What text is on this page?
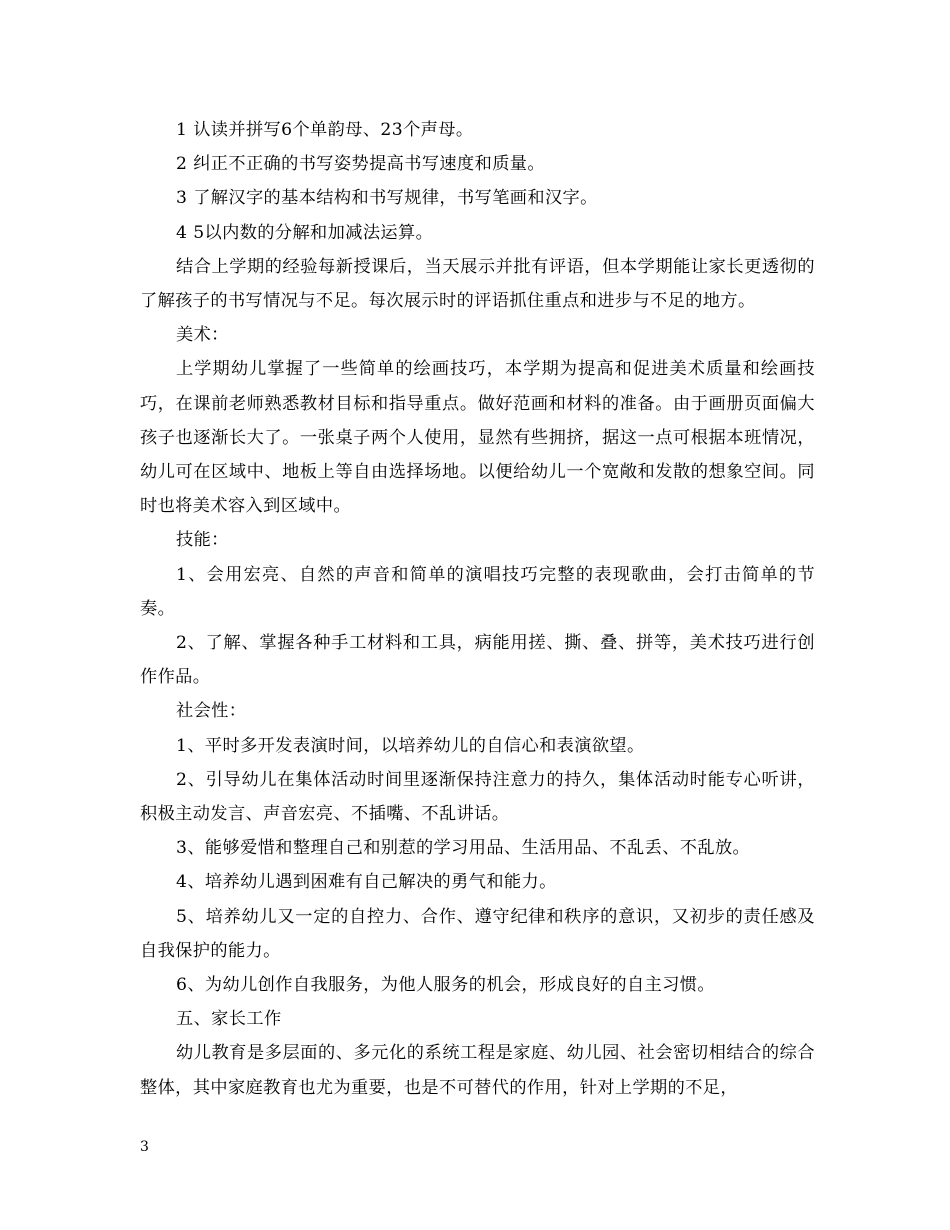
1 认读并拼写6个单韵母、23个声母。

2 纠正不正确的书写姿势提高书写速度和质量。

3 了解汉字的基本结构和书写规律，书写笔画和汉字。

4 5以内数的分解和加减法运算。

结合上学期的经验每新授课后，当天展示并批有评语，但本学期能让家长更透彻的了解孩子的书写情况与不足。每次展示时的评语抓住重点和进步与不足的地方。

美术：

上学期幼儿掌握了一些简单的绘画技巧，本学期为提高和促进美术质量和绘画技巧，在课前老师熟悉教材目标和指导重点。做好范画和材料的准备。由于画册页面偏大孩子也逐渐长大了。一张桌子两个人使用，显然有些拥挤，据这一点可根据本班情况，幼儿可在区域中、地板上等自由选择场地。以便给幼儿一个宽敞和发散的想象空间。同时也将美术容入到区域中。

技能：

1、会用宏亮、自然的声音和简单的演唱技巧完整的表现歌曲，会打击简单的节奏。

2、了解、掌握各种手工材料和工具，病能用搓、撕、叠、拼等，美术技巧进行创作作品。

社会性：

1、平时多开发表演时间，以培养幼儿的自信心和表演欲望。

2、引导幼儿在集体活动时间里逐渐保持注意力的持久，集体活动时能专心听讲，积极主动发言、声音宏亮、不插嘴、不乱讲话。

3、能够爱惜和整理自己和别惹的学习用品、生活用品、不乱丢、不乱放。

4、培养幼儿遇到困难有自己解决的勇气和能力。

5、培养幼儿又一定的自控力、合作、遵守纪律和秩序的意识，又初步的责任感及自我保护的能力。

6、为幼儿创作自我服务，为他人服务的机会，形成良好的自主习惯。

五、家长工作

幼儿教育是多层面的、多元化的系统工程是家庭、幼儿园、社会密切相结合的综合整体，其中家庭教育也尤为重要，也是不可替代的作用，针对上学期的不足，

3
